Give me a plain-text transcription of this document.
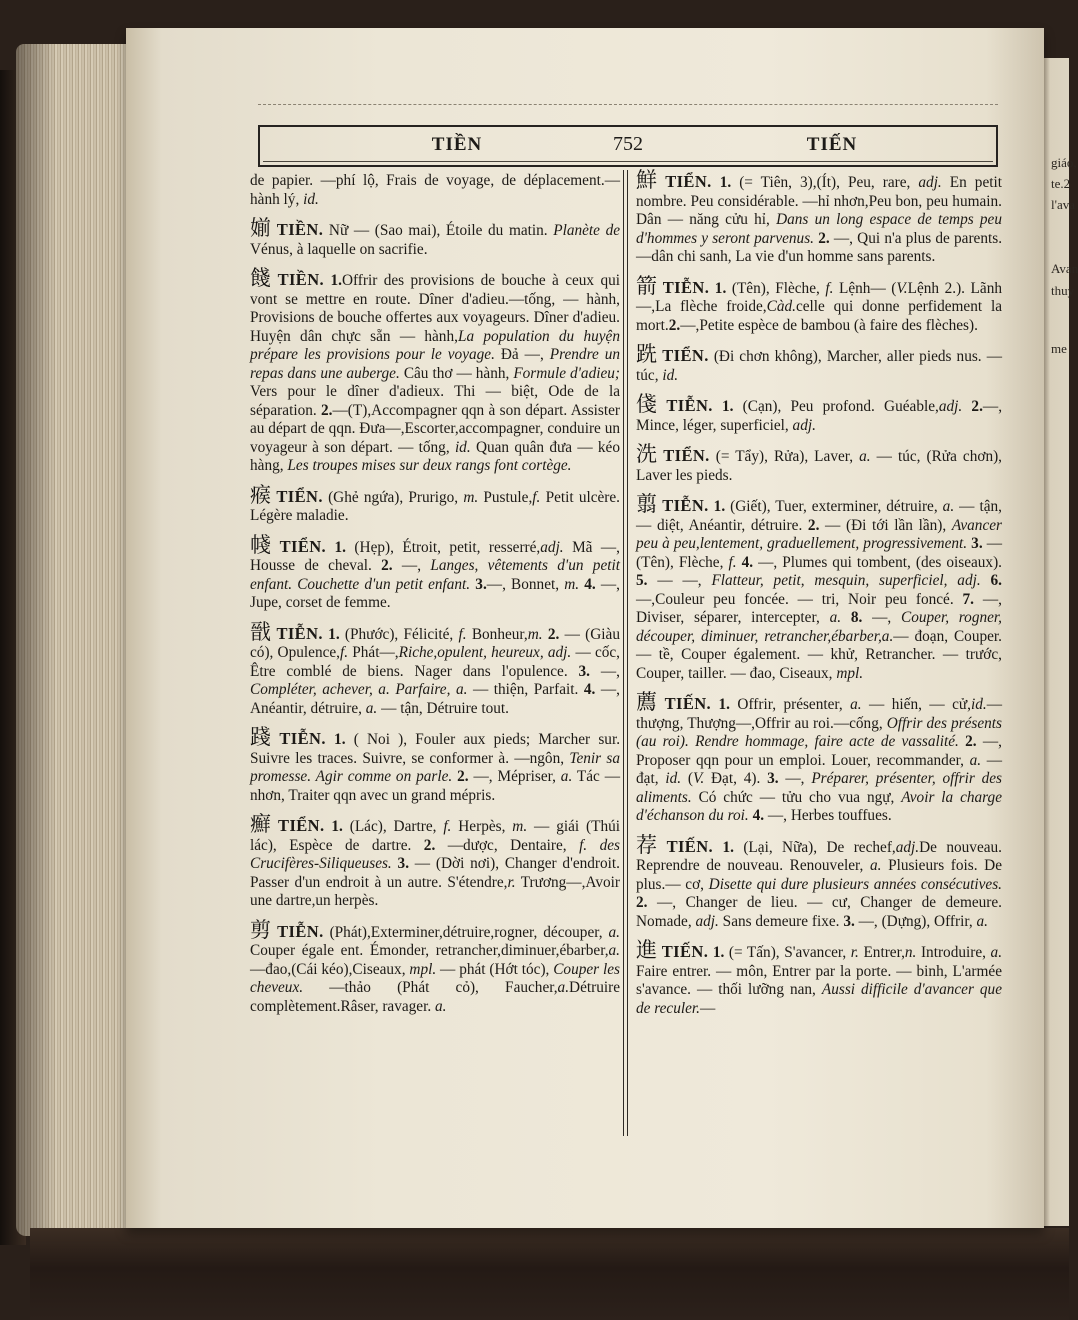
giáo,
te.2
l'ava
Avan
thuy
me
TIỀN	752	TIẾN

de papier. —phí lộ, Frais de voyage, de déplacement.—hành lý, id.

媊 TIỀN. Nữ — (Sao mai), Étoile du matin. Planète de Vénus, à laquelle on sacrifie.

餞 TIỀN. 1.Offrir des provisions de bouche à ceux qui vont se mettre en route. Dîner d'adieu.—tống, — hành, Provisions de bouche offertes aux voyageurs. Dîner d'adieu. Huyện dân chực sẵn — hành,La population du huyện prépare les provisions pour le voyage. Đả —, Prendre un repas dans une auberge. Câu thơ — hành, Formule d'adieu; Vers pour le dîner d'adieux. Thi — biệt, Ode de la séparation. 2.—(T),Accompagner qqn à son départ. Assister au départ de qqn. Đưa—,Escorter,accompagner, conduire un voyageur à son départ. — tống, id. Quan quân đưa — kéo hàng, Les troupes mises sur deux rangs font cortège.

瘊 TIỂN. (Ghẻ ngứa), Prurigo, m. Pustule,f. Petit ulcère. Légère maladie.

帴 TIỂN. 1. (Hẹp), Étroit, petit, resserré,adj. Mã —, Housse de cheval. 2. —, Langes, vêtements d'un petit enfant. Couchette d'un petit enfant. 3.—, Bonnet, m. 4. —, Jupe, corset de femme.

戩 TIỄN. 1. (Phước), Félicité, f. Bonheur,m. 2. — (Giàu có), Opulence,f. Phát—,Riche,opulent, heureux, adj. — cốc, Être comblé de biens. Nager dans l'opulence. 3. —, Compléter, achever, a. Parfaire, a. — thiện, Parfait. 4. —, Anéantir, détruire, a. — tận, Détruire tout.

踐 TIỄN. 1. ( Noi ), Fouler aux pieds; Marcher sur. Suivre les traces. Suivre, se conformer à. —ngôn, Tenir sa promesse. Agir comme on parle. 2. —, Mépriser, a. Tác — nhơn, Traiter qqn avec un grand mépris.

癬 TIỂN. 1. (Lác), Dartre, f. Herpès, m. — giái (Thúi lác), Espèce de dartre. 2. —dược, Dentaire, f. des Crucifères-Siliqueuses. 3. — (Dời nơi), Changer d'endroit. Passer d'un endroit à un autre. S'étendre,r. Trương—,Avoir une dartre,un herpès.

剪 TIỄN. (Phát),Exterminer,détruire,rogner, découper, a. Couper égale ent. Émonder, retrancher,diminuer,ébarber,a.—đao,(Cái kéo),Ciseaux, mpl. — phát (Hớt tóc), Couper les cheveux. —thảo (Phát cỏ), Faucher,a.Détruire complètement.Râser, ravager. a.

鮮 TIỂN. 1. (= Tiên, 3),(Ít), Peu, rare, adj. En petit nombre. Peu considérable. —hỉ nhơn,Peu bon, peu humain. Dân — năng cửu hỉ, Dans un long espace de temps peu d'hommes y seront parvenus. 2. —, Qui n'a plus de parents.—dân chi sanh, La vie d'un homme sans parents.

箭 TIỄN. 1. (Tên), Flèche, f. Lệnh— (V.Lệnh 2.). Lãnh —,La flèche froide,Càd.celle qui donne perfidement la mort.2.—,Petite espèce de bambou (à faire des flèches).

跣 TIỂN. (Đi chơn không), Marcher, aller pieds nus. — túc, id.

俴 TIỄN. 1. (Cạn), Peu profond. Guéable,adj. 2.—, Mince, léger, superficiel, adj.

洗 TIỂN. (= Tẩy), Rửa), Laver, a. — túc, (Rửa chơn), Laver les pieds.

翦 TIỄN. 1. (Giết), Tuer, exterminer, détruire, a. — tận, — diệt, Anéantir, détruire. 2. — (Đi tới lần lần), Avancer peu à peu,lentement, graduellement, progressivement. 3. — (Tên), Flèche, f. 4. —, Plumes qui tombent, (des oiseaux). 5. — —, Flatteur, petit, mesquin, superficiel, adj. 6. —,Couleur peu foncée. — tri, Noir peu foncé. 7. —, Diviser, séparer, intercepter, a. 8. —, Couper, rogner, découper, diminuer, retrancher,ébarber,a.— đoạn, Couper. — tề, Couper également. — khử, Retrancher. — trước, Couper, tailler. — đao, Ciseaux, mpl.

薦 TIẾN. 1. Offrir, présenter, a. — hiến, — cử,id.— thượng, Thượng—,Offrir au roi.—cống, Offrir des présents (au roi). Rendre hommage, faire acte de vassalité. 2. —, Proposer qqn pour un emploi. Louer, recommander, a. — đạt, id. (V. Đạt, 4). 3. —, Préparer, présenter, offrir des aliments. Có chức — tửu cho vua ngự, Avoir la charge d'échanson du roi. 4. —, Herbes touffues.

荐 TIẾN. 1. (Lại, Nữa), De rechef,adj.De nouveau. Reprendre de nouveau. Renouveler, a. Plusieurs fois. De plus.— cơ, Disette qui dure plusieurs années consécutives. 2. —, Changer de lieu. — cư, Changer de demeure. Nomade, adj. Sans demeure fixe. 3. —, (Dựng), Offrir, a.

進 TIẾN. 1. (= Tấn), S'avancer, r. Entrer,n. Introduire, a. Faire entrer. — môn, Entrer par la porte. — binh, L'armée s'avance. — thối lưỡng nan, Aussi difficile d'avancer que de reculer.—
